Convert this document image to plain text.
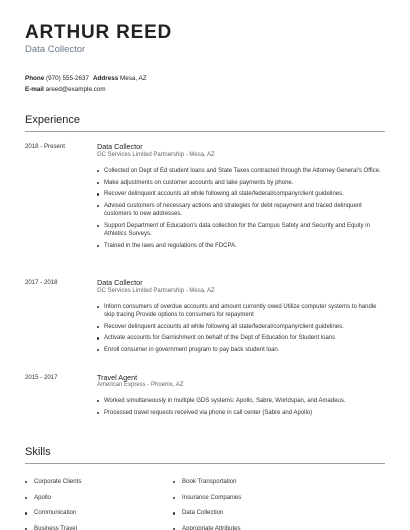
ARTHUR REED
Data Collector
Phone (970) 555-2637 Address Mesa, AZ
E-mail areed@example.com
Experience
2018 - Present	Data Collector
GC Services Limited Partnership - Mesa, AZ
Collected on Dept of Ed student loans and State Taxes contracted through the Attorney General's Office.
Make adjustments on customer accounts and take payments by phone.
Recover delinquent accounts all while following all state/federal/company/client guidelines.
Advised customers of necessary actions and strategies for debt repayment and traced delinquent customers to new addresses.
Support Department of Education's data collection for the Campus Safety and Security and Equity in Athletics Surveys.
Trained in the laws and regulations of the FDCPA.
2017 - 2018	Data Collector
GC Services Limited Partnership - Mesa, AZ
Inform consumers of overdue accounts and amount currently owed Utilize computer systems to handle skip tracing Provide options to consumers for repayment
Recover delinquent accounts all while following all state/federal/company/client guidelines.
Activate accounts for Garnishment on behalf of the Dept of Education for Student loans
Enroll consumer in government program to pay back student loan.
2015 - 2017	Travel Agent
American Express - Phoenix, AZ
Worked simultaneously in multiple GDS systems: Apollo, Sabre, Worldspan, and Amadeus.
Processed travel requests received via phone in call center (Sabre and Apollo)
Skills
Corporate Clients
Apollo
Communication
Business Travel
Book Transportation
Insurance Companies
Data Collection
Appropriate Attributes
